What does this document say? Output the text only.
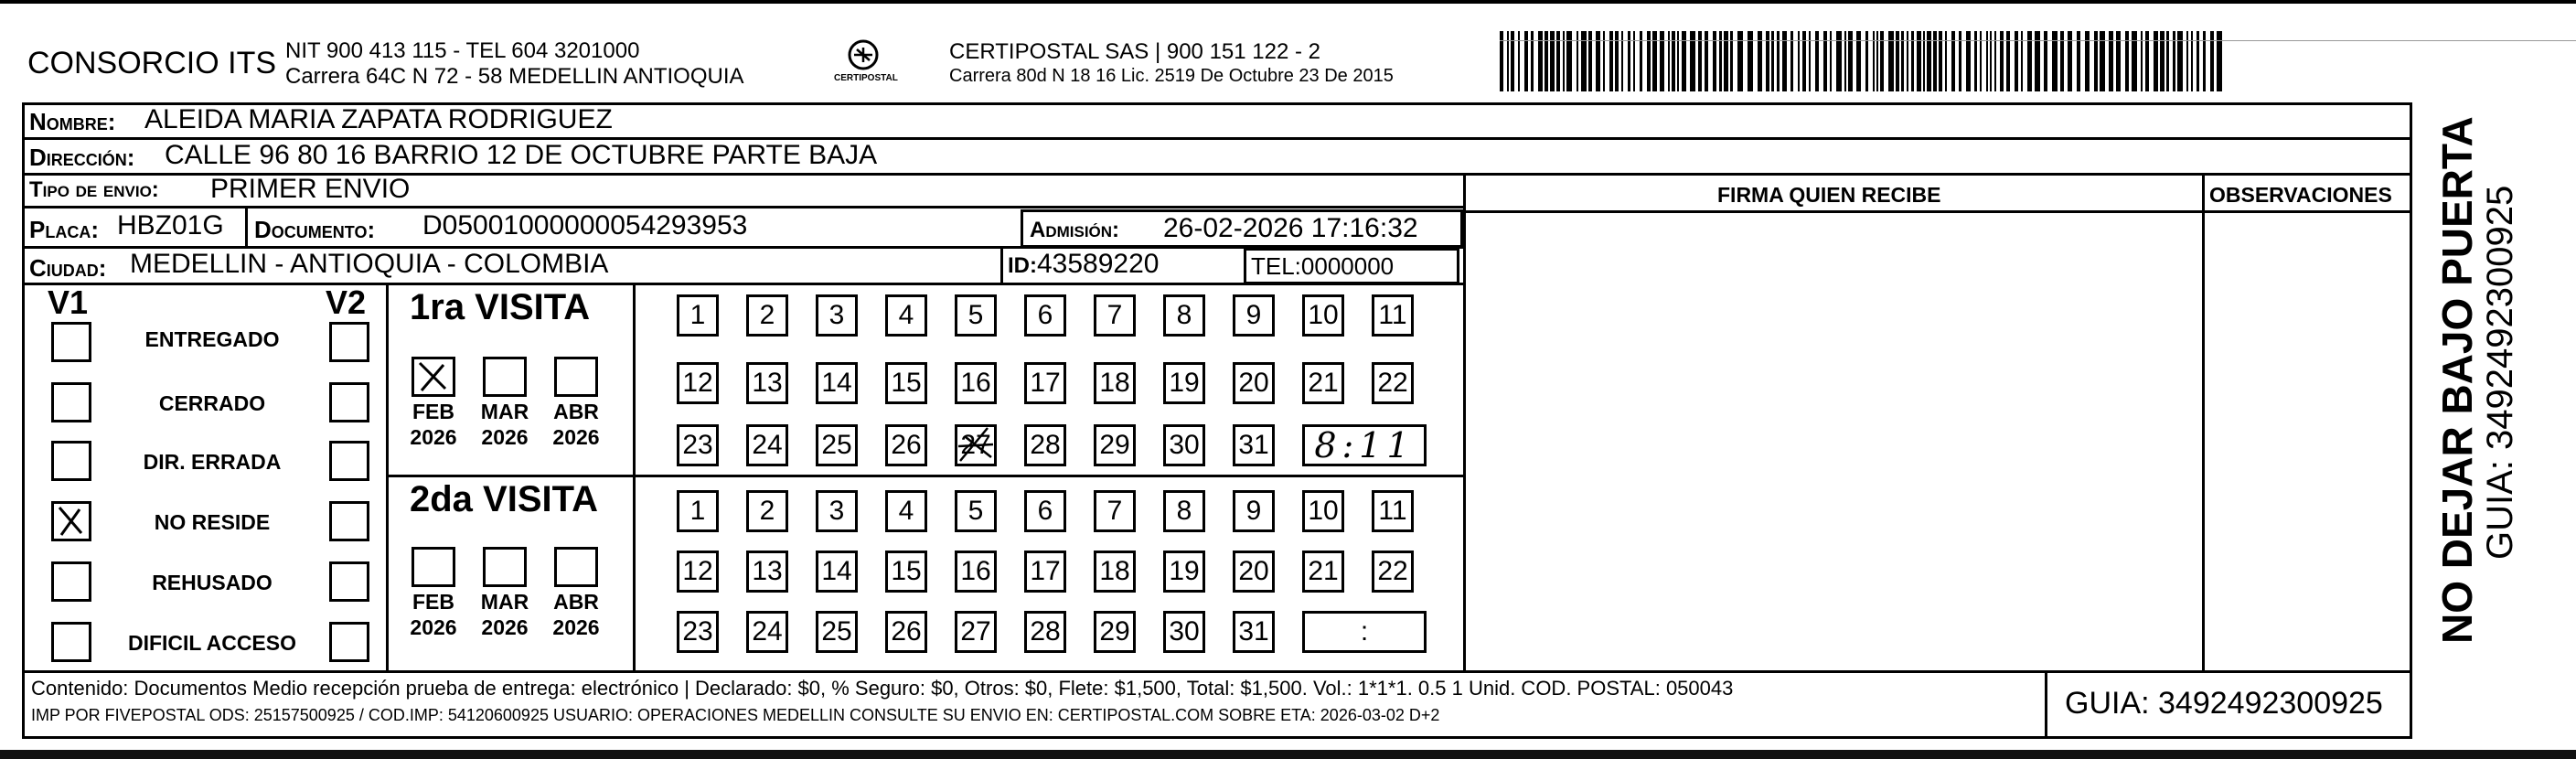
CONSORCIO ITS NIT 900 413 115 - TEL 604 3201000
Carrera 64C N 72 - 58 MEDELLIN ANTIOQUIA	CERTIPOSTAL
CERTIPOSTAL SAS | 900 151 122 - 2
Carrera 80d N 18 16 Lic. 2519 De Octubre 23 De 2015
Nombre: ALEIDA MARIA ZAPATA RODRIGUEZ
Dirección: CALLE 96 80 16 BARRIO 12 DE OCTUBRE PARTE BAJA
Tipo de envio: PRIMER ENVIO
Placa: HBZ01G Documento: D05001000000054293953	Admisión: 26-02-2026 17:16:32
Ciudad: MEDELLIN - ANTIOQUIA - COLOMBIA	ID:43589220	TEL:0000000
FIRMA QUIEN RECIBE	OBSERVACIONES
V1	V2
ENTREGADO
CERRADO
DIR. ERRADA
NO RESIDE
REHUSADO
DIFICIL ACCESO
1ra VISITA
2da VISITA
FEB
2026
MAR
2026
ABR
2026
FEB
2026
MAR
2026
ABR
2026
1 2 3 4 5 6 7 8 9 10 11
12 13 14 15 16 17 18 19 20 21 22
23 24 25 26 27 28 29 30 31 8:11
1 2 3 4 5 6 7 8 9 10 11
12 13 14 15 16 17 18 19 20 21 22
23 24 25 26 27 28 29 30 31	:
Contenido: Documentos Medio recepción prueba de entrega: electrónico | Declarado: $0, % Seguro: $0, Otros: $0, Flete: $1,500, Total: $1,500. Vol.: 1*1*1. 0.5 1 Unid. COD. POSTAL: 050043
IMP POR FIVEPOSTAL ODS: 25157500925 / COD.IMP: 54120600925 USUARIO: OPERACIONES MEDELLIN CONSULTE SU ENVIO EN: CERTIPOSTAL.COM SOBRE ETA: 2026-03-02 D+2	GUIA: 3492492300925
NO DEJAR BAJO PUERTA GUIA: 3492492300925
